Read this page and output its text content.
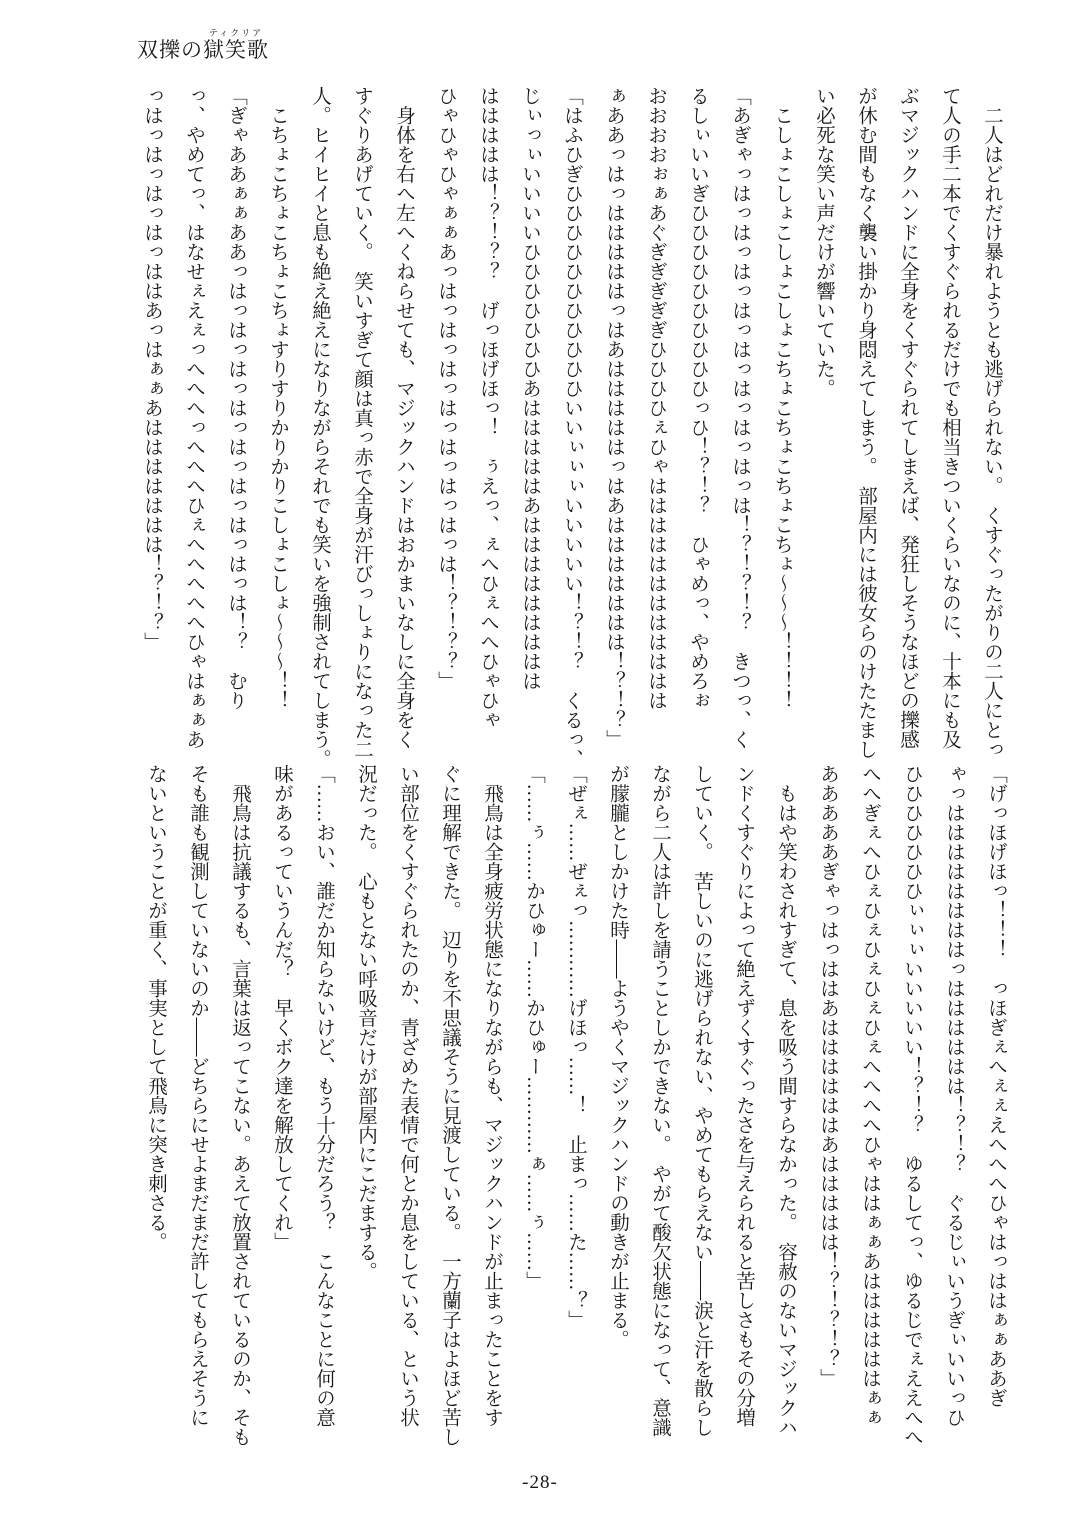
双擽の獄笑歌ティクリア
　二人はどれだけ暴れようとも逃げられない。　くすぐったがりの二人にとっ
て人の手二本でくすぐられるだけでも相当きついくらいなのに、十本にも及
ぶマジックハンドに全身をくすぐられてしまえば、発狂しそうなほどの擽感
が休む間もなく襲い掛かり身悶えてしまう。　部屋内には彼女らのけたたまし
い必死な笑い声だけが響いていた。
　こしょこしょこしょこしょこちょこちょこちょこちょ～～～！！！！
「あぎゃっはっはっはっはっはっはっはっはっは！？！？！？　きつっ、く
るしぃいいぎひひひひひひひひひひっひ！？！？　ひゃめっ、やめろぉ
おおおおぉぁあぐぎぎぎぎぎひひひひぇひゃはははははははははははは
ぁああっはっはははははっはあはははははっはあははははははは！？！？」
「はふひぎひひひひひひひひひひひいいぃぃぃいいいいい！？！？　くるっ、
じぃっぃいいいいひひひひひひひあはははははあははははははははは
ははははは！？！？？　げっほげほっ！　ぅえっ、ぇへひぇへへひゃひゃ
ひゃひゃひゃぁぁあっはっはっはっはっはっはっはっは！？！？？」
　身体を右へ左へくねらせても、マジックハンドはおかまいなしに全身をく
すぐりあげていく。　笑いすぎて顔は真っ赤で全身が汗びっしょりになった二
人。ヒイヒイと息も絶え絶えになりながらそれでも笑いを強制されてしまう。
　こちょこちょこちょこちょすりすりかりかりこしょこしょ～～～！！
「ぎゃああぁぁああっはっはっはっはっはっはっはっはっは！？　むり
っ、やめてっ、はなせぇえぇっへへへっへへへひぇへへへへへひゃはぁぁあ
っはっはっはっはっははあっはぁぁあははははははは！？！？」
「げっほげほっ！！！　っほぎぇへぇぇえへへへひゃはっははぁぁああぎ
ゃっははははははははっはははははは！？！？　ぐるじぃいうぎぃいいっひ
ひひひひひひひぃぃぃいいいいい！？！？　ゆるしてっ、ゆるじでぇええへへ
へへぎぇへひぇひぇひぇひぇひぇへへへへひゃははぁぁあははははははぁぁ
あああああぎゃっはっははあははははははあははははは！？！？！？」
　もはや笑わされすぎて、息を吸う間すらなかった。　容赦のないマジックハ
ンドくすぐりによって絶えずくすぐったさを与えられると苦しさもその分増
していく。　苦しいのに逃げられない、やめてもらえない――涙と汗を散らし
ながら二人は許しを請うことしかできない。　やがて酸欠状態になって、意識
が朦朧としかけた時――ようやくマジックハンドの動きが止まる。
「ぜぇ……ぜぇっ…………げほっ……！　止まっ……た……？」
「……ぅ……かひゅー……かひゅー…………ぁ……ぅ……」
　飛鳥は全身疲労状態になりながらも、マジックハンドが止まったことをす
ぐに理解できた。　辺りを不思議そうに見渡している。　一方蘭子はよほど苦し
い部位をくすぐられたのか、青ざめた表情で何とか息をしている、という状
況だった。　心もとない呼吸音だけが部屋内にこだまする。
「……おい、誰だか知らないけど、もう十分だろう？　こんなことに何の意
味があるっていうんだ？　早くボク達を解放してくれ」
　飛鳥は抗議するも、言葉は返ってこない。あえて放置されているのか、そも
そも誰も観測していないのか――どちらにせよまだまだ許してもらえそうに
ないということが重く、事実として飛鳥に突き刺さる。
-28-
